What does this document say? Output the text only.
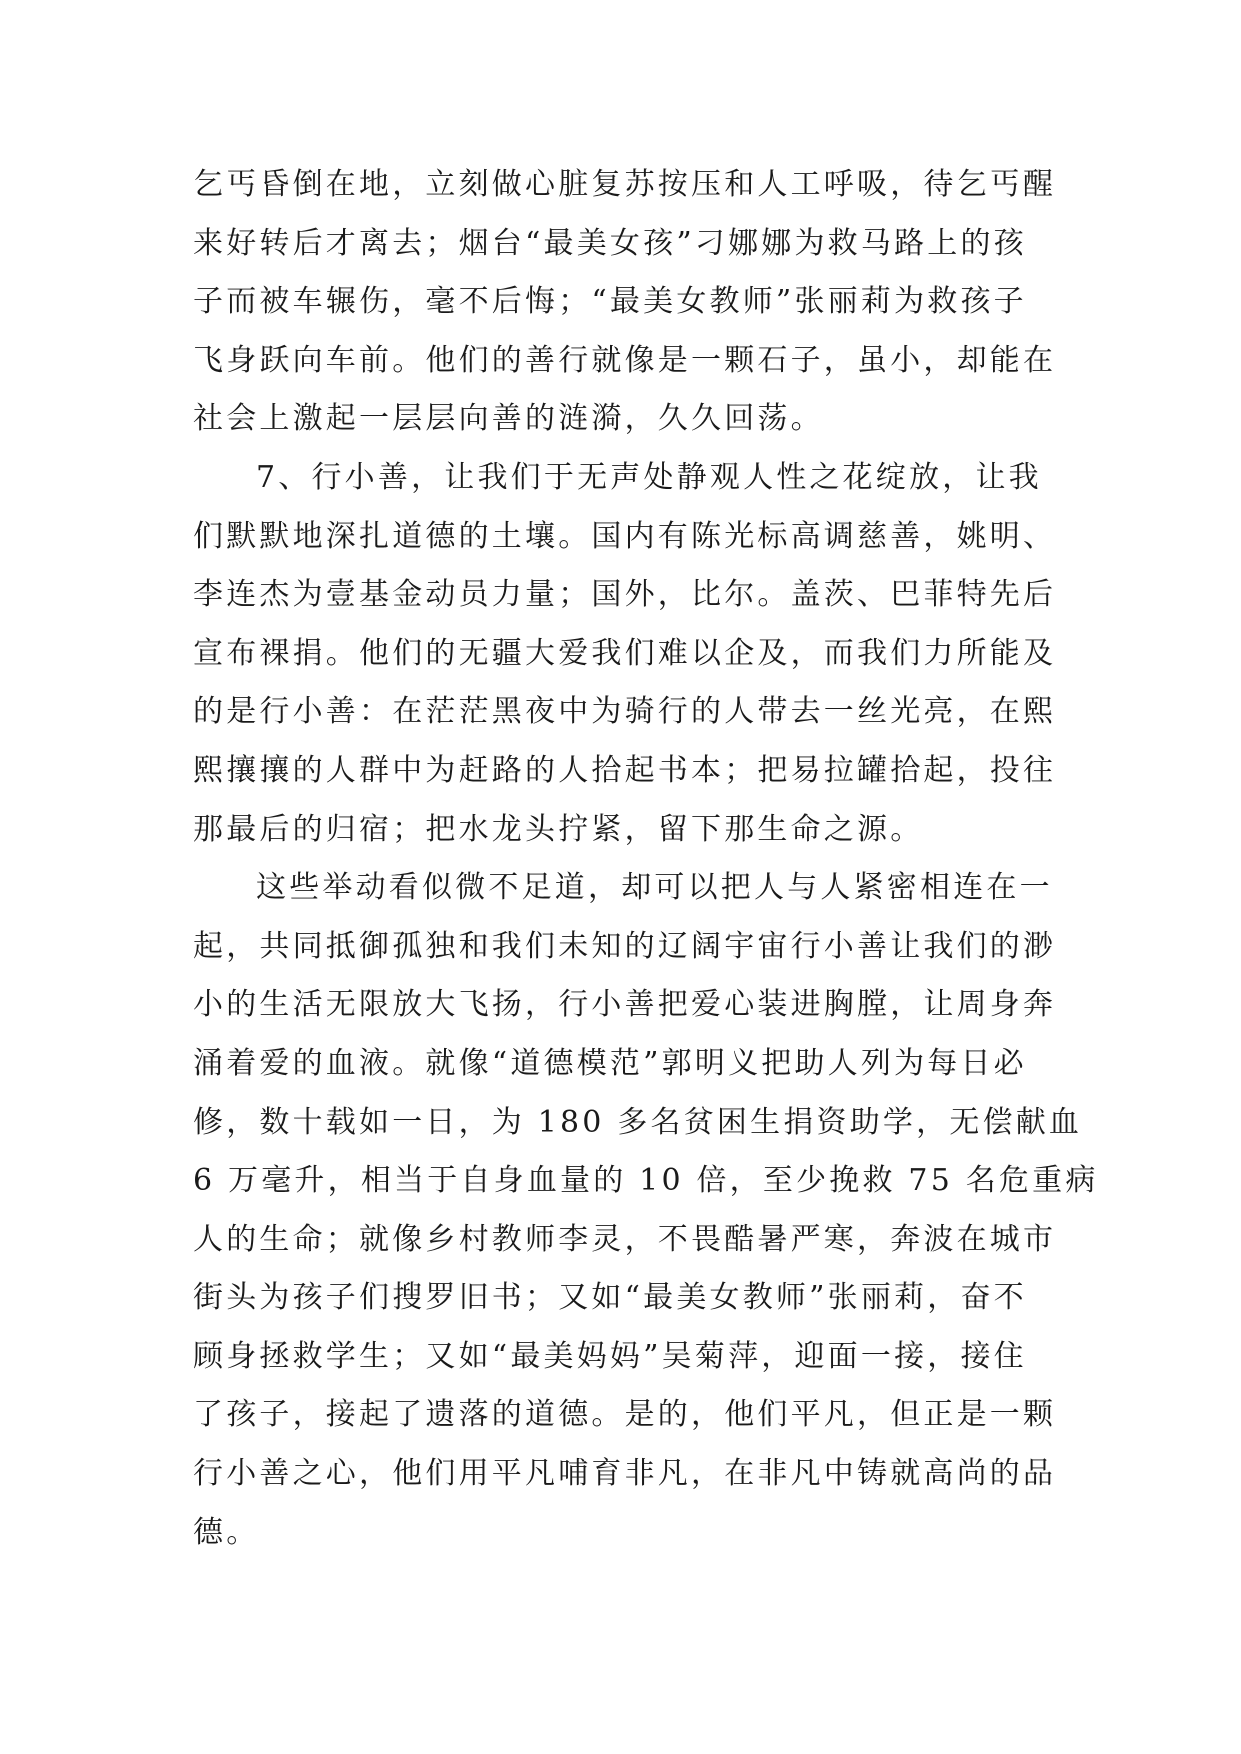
乞丐昏倒在地，立刻做心脏复苏按压和人工呼吸，待乞丐醒
来好转后才离去；烟台“最美女孩”刁娜娜为救马路上的孩
子而被车辗伤，毫不后悔；“最美女教师”张丽莉为救孩子
飞身跃向车前。他们的善行就像是一颗石子，虽小，却能在
社会上激起一层层向善的涟漪，久久回荡。
7、行小善，让我们于无声处静观人性之花绽放，让我
们默默地深扎道德的土壤。国内有陈光标高调慈善，姚明、
李连杰为壹基金动员力量；国外，比尔。盖茨、巴菲特先后
宣布裸捐。他们的无疆大爱我们难以企及，而我们力所能及
的是行小善：在茫茫黑夜中为骑行的人带去一丝光亮，在熙
熙攘攘的人群中为赶路的人拾起书本；把易拉罐拾起，投往
那最后的归宿；把水龙头拧紧，留下那生命之源。
这些举动看似微不足道，却可以把人与人紧密相连在一
起，共同抵御孤独和我们未知的辽阔宇宙行小善让我们的渺
小的生活无限放大飞扬，行小善把爱心装进胸膛，让周身奔
涌着爱的血液。就像“道德模范”郭明义把助人列为每日必
修，数十载如一日，为 180 多名贫困生捐资助学，无偿献血
6 万毫升，相当于自身血量的 10 倍，至少挽救 75 名危重病
人的生命；就像乡村教师李灵，不畏酷暑严寒，奔波在城市
街头为孩子们搜罗旧书；又如“最美女教师”张丽莉，奋不
顾身拯救学生；又如“最美妈妈”吴菊萍，迎面一接，接住
了孩子，接起了遗落的道德。是的，他们平凡，但正是一颗
行小善之心，他们用平凡哺育非凡，在非凡中铸就高尚的品
德。
